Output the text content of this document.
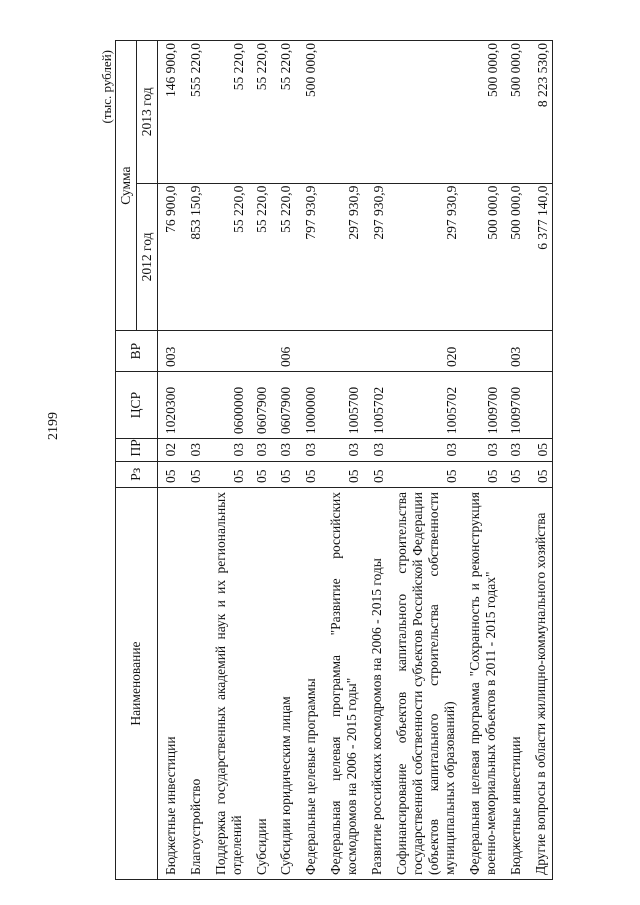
2199
(тыс. рублей)
Наименование	Рз	ПР	ЦСР	ВР	Сумма	
					2012 год	2013 год
Бюджетные инвестиции	05	02	1020300	003	76 900,0	146 900,0
Благоустройство	05	03			853 150,9	555 220,0
Поддержка государственных академий наук и их региональных отделений	05	03	0600000		55 220,0	55 220,0
Субсидии	05	03	0607900		55 220,0	55 220,0
Субсидии юридическим лицам	05	03	0607900	006	55 220,0	55 220,0
Федеральные целевые программы	05	03	1000000		797 930,9	500 000,0
Федеральная целевая программа "Развитие российских космодромов на 2006 - 2015 годы"	05	03	1005700		297 930,9	
Развитие российских космодромов на 2006 - 2015 годы	05	03	1005702		297 930,9	
Софинансирование объектов капитального строительства государственной собственности субъектов Российской Федерации (объектов капитального строительства собственности муниципальных образований)	05	03	1005702	020	297 930,9	
Федеральная целевая программа "Сохранность и реконструкция военно-мемориальных объектов в 2011 - 2015 годах"	05	03	1009700		500 000,0	500 000,0
Бюджетные инвестиции	05	03	1009700	003	500 000,0	500 000,0
Другие вопросы в области жилищно-коммунального хозяйства	05	05			6 377 140,0	8 223 530,0
